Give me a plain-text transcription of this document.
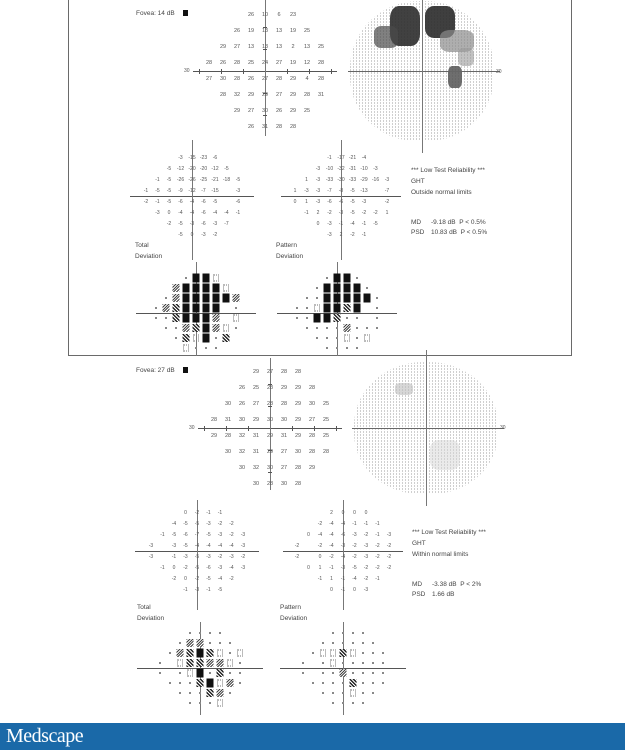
Fovea: 14 dB
Total
Deviation
Pattern
Deviation
*** Low Test Reliability ***
GHT
Outside normal limits
MD -9.18 dB P < 0.5%
PSD 10.83 dB P < 0.5%
Fovea: 27 dB
Total
Deviation
Pattern
Deviation
*** Low Test Reliability ***
GHT
Within normal limits
MD -3.38 dB P < 2%
PSD 1.66 dB
Medscape
26	10	6	23
26	19	13	13	19	25
29	27	13	13	13	2	13	25
28	26	28	25	24	27	19	12	28
27	30	28	26	27	28	29	4	28
28	32	29	29	27	29	28	31
29	27	30	26	29	25
26	31	28	28
30	30
-3	-15 -23	-6
-5	-12 -20 -20 -12	-5
-1	-5	-26 -26 -25 -21 -18	-5
-1	-5	-5	-9	-12	-7	-15	-3
-2	-1	-5	-6	-4	-6	-5	-6
-3	0	-4	-4	-6	-4	-4	-1
-2	-5	-3	-6	-3	-7
-5	0	-3	-2
-1	-17 -21	-4
-3	-10 -32 -31 -10	-3
1	-3	-33 -30 -33 -29 -16	-3
1	-3	-3	-7	-8	-5	-13	-7
0	1	-3	-6	-6	-5	-3	-2
-1	2	-2	-3	-5	-2	-2	1
0	-3	-1	-4	-1	-5
-3	2	-2	-1
29	27	28	28
26	25	28	29	29	28
30	26	27	28	28	29	30	25
28	31	30	29	30	30	29	27	25
29	28	32	31	29	31	29	28	25
30	32	31	29	27	30	28	28
30	32	30	27	28	29
30	28	30	28
30	30
0	-2	-1	-1
-4	-5	-5	-3	-2	-2
-1	-5	-6	-7	-5	-3	-2	-3
-3	-3	-5	-4	-4	-4	-4	-3
-3	-1	-3	-5	-3	-2	-3	-2
-1	0	-2	-5	-6	-3	-4	-3
-2	0	-2	-5	-4	-2
-1	-3	-1	-5
2	0	0	0
-2	-4	-4	-1	-1	-1
0	-4	-4	-6	-3	-2	-1	-3
-2	-2	-4	-3	-2	-3	-2	-2
-2	0	-2	-4	-2	-3	-2	-2
0	1	-1	-3	-5	-2	-2	-2
-1	1	-1	-4	-2	-1
0	-1	0	-3
